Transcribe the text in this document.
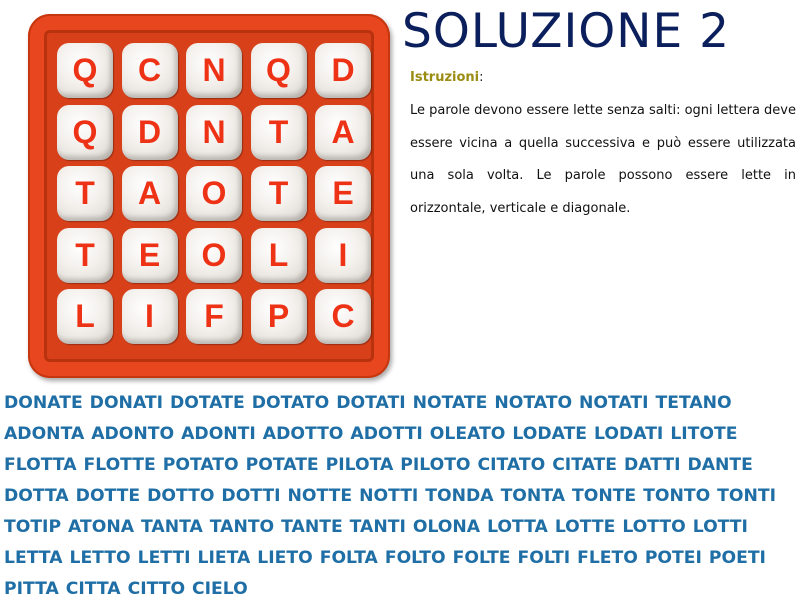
Q	C	N	Q	D
Q	D	N	T	A
T	A	O	T	E
T	E	O	L	I
L	I	F	P	C
SOLUZIONE 2
Istruzioni:
Le parole devono essere lette senza salti: ogni lettera deve essere vicina a quella successiva e può essere utilizzata una sola volta. Le parole possono essere lette in orizzontale, verticale e diagonale.
DONATE DONATI DOTATE DOTATO DOTATI NOTATE NOTATO NOTATI TETANO ADONTA ADONTO ADONTI ADOTTO ADOTTI OLEATO LODATE LODATI LITOTE FLOTTA FLOTTE POTATO POTATE PILOTA PILOTO CITATO CITATE DATTI DANTE DOTTA DOTTE DOTTO DOTTI NOTTE NOTTI TONDA TONTA TONTE TONTO TONTI TOTIP ATONA TANTA TANTO TANTE TANTI OLONA LOTTA LOTTE LOTTO LOTTI LETTA LETTO LETTI LIETA LIETO FOLTA FOLTO FOLTE FOLTI FLETO POTEI POETI PITTA CITTA CITTO CIELO
